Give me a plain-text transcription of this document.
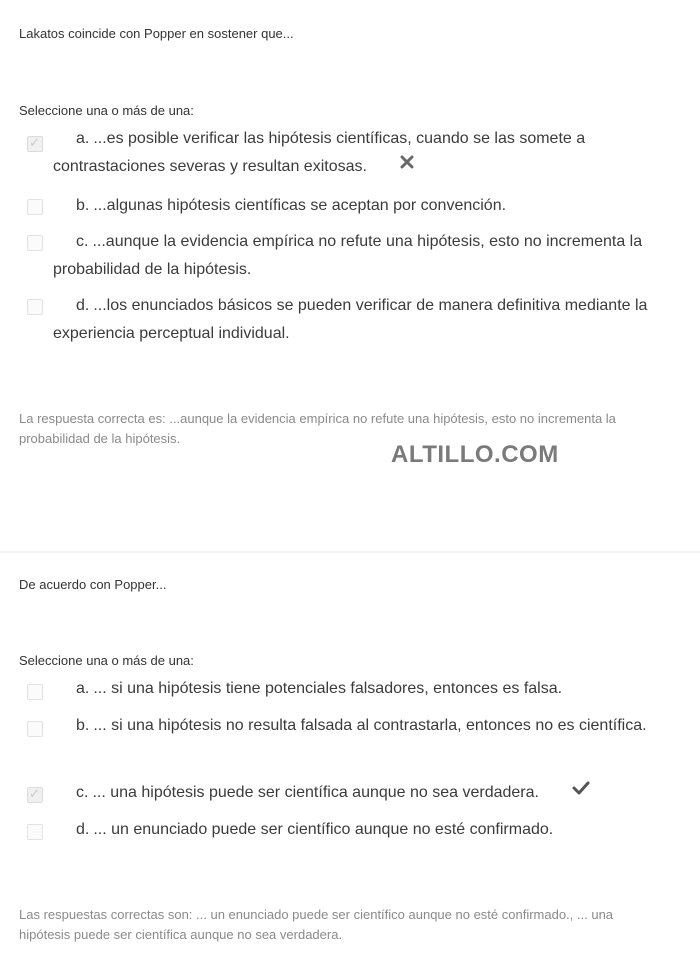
Lakatos coincide con Popper en sostener que...
Seleccione una o más de una:
✓	a. ...es posible verificar las hipótesis científicas, cuando se las somete a contrastaciones severas y resultan exitosas.
b. ...algunas hipótesis científicas se aceptan por convención.
c. ...aunque la evidencia empírica no refute una hipótesis, esto no incrementa la probabilidad de la hipótesis.
d. ...los enunciados básicos se pueden verificar de manera definitiva mediante la experiencia perceptual individual.
La respuesta correcta es: ...aunque la evidencia empírica no refute una hipótesis, esto no incrementa la probabilidad de la hipótesis.
ALTILLO.COM
De acuerdo con Popper...
Seleccione una o más de una:
a. ... si una hipótesis tiene potenciales falsadores, entonces es falsa.
b. ... si una hipótesis no resulta falsada al contrastarla, entonces no es científica.
✓	c. ... una hipótesis puede ser científica aunque no sea verdadera.
d. ... un enunciado puede ser científico aunque no esté confirmado.
Las respuestas correctas son: ... un enunciado puede ser científico aunque no esté confirmado., ... una hipótesis puede ser científica aunque no sea verdadera.
